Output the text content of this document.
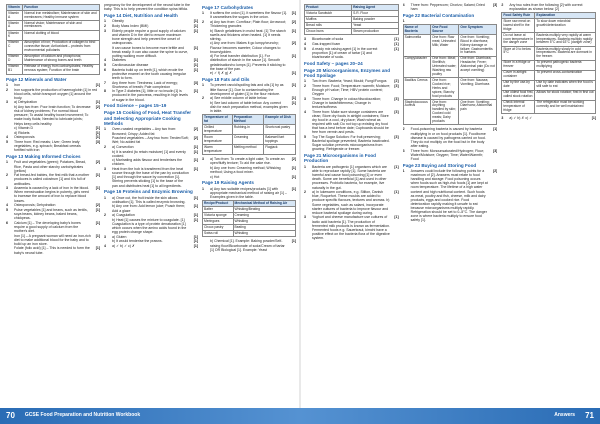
Vitamin	Function
Vitamin A	Normal iron metabolism; Maintenance of skin and membranes; Healthy immune system
Vitamin A	Normal vision; Maintenance of skin and membranes
Vitamin K	Normal clotting of blood
Vitamin C	Absorption of iron; Production of collagen to bind connective tissue; Antioxidant – protects from environmental pollutants
Vitamin D	Absorption of calcium and phosphorus; Maintenance of strong bones and teeth
Vitamin B1	Release of energy from carbohydrates; Healthy nervous system; Function of the brain
Page 12 Minerals and Water
1	Iron	[1]
2	Iron supports the production of haemoglobin [1] in red blood cells, which transport oxygen [1] around the body.
3	a) Dehydration	[1]
b) Any two from: Poor brain function; To decrease risk of kidney problems; For normal blood pressure; To assist healthy bowel movement; To make body fluids; Needed to lubricate joints; Helps keep cells healthy
[2]
c) Vitamin D	[1]
d) Rickets	[1]
4	Osteoporosis	[1]
5	Three from: Red meats; Liver; Green leafy vegetables, e.g. spinach; Breakfast cereals fortified with iron
[3]
Page 13 Making Informed Choices
1	Fruit and vegetables (green); Potatoes, Bread, Rice, Pasta and other starchy carbohydrates (yellow)
[2]
2	Fat breast-fed babies, the first milk that a mother produces is called colostrum [1] and it is full of antibodies.
[1]
3	Anaemia is caused by a lack of iron in the blood. When menstruation begins in puberty, girls need to increase the amount of iron to replace blood losses.
[1]
4	Osteoporosis; Dehydration	[2]
5	Pulse vegetables [1] and beans, such as lentils, soya beans, kidney beans, baked beans, chickpeas.
[1]
6	Calcium [1] – The developing baby's bones require a good supply of calcium from the mother's diet.
[1]
Iron [1] – A pregnant woman will need an iron-rich diet to make additional blood for the baby and to build up an iron store.
[1]
Folate (folic acid) [1] – This is needed to form the baby's neural tube.
[1]
pregnancy for the development of the neural tube in the baby. This is to help prevent the condition spina bifida.
Page 14 Diet, Nutrition and Health
1	Obesity	[1]
2	Body Mass Index (BMI)	[1]
3	Elderly people require a good supply of calcium and vitamin D in the diet to ensure maximum bone strength and help prevent the onset of osteoporosis.
[1]
It can cause bones to become more brittle and break easily. It can also cause the spine to curve, putting walking more difficult.
[1]
4	Diabetes	[1]
5	Cardiovascular disease	[1]
6	Bacteria build up on teeth [1], which erode the protective enamel on the tooth causing irregular teeth to form.
[1]
7	Any three from: Tiredness; Lack of energy; Shortness of breath; Pale complexion
[3]
8	In Type 2 diabetes [1], little or no insulin [1] is produced in the pancreas, resulting in high levels of sugar in the blood.
[1]
Food Science – pages 15–19
Page 15 Cooking of Food, Heat Transfer and Selecting Appropriate Cooking Methods
1	Oven-roasted vegetables – Any two from: Browned; Crispy; Added fat
[2]
Poached vegetables – Any two from: Tender/Soft; Wet; No added fat
[2]
2	a) Convection	[1]
b) It is sealed (to retain moisture) [1] and evenly cooked.
[1]
c) Marinating adds flavour and tenderises the chicken.
[1]
3	Heat from the hob is transferred from the heat source through the base of the pan by conduction [1] and through the sauce by convection [1]. Stirring prevents sticking [1] to the base of the pan and distributes heat [1] to all ingredients.
[1]
Page 16 Proteins and Enzymic Browning
1	a) Once cut, the fruit inside the skin allows oxidisation [1]. This is called enzymic browning.
[1]
b) Any one from: Add lemon juice; Poach them; Add a glaze
[1]
2	a) Coagulation	[1]
b) Heat [1] causes the mixture to coagulate. [1] Coagulation is a type of protein denaturation [1] which occurs when the amino acids found in the egg protein change shape.
[1]
3	a) Gluten	[1]
b) It would tenderise the prawns.	[1]
4	a) ✓ b) ✓ c) ✗	[1]
Page 17 Carbohydrates
1	It softens the onion [1]. It sweetens the flavour [1]. It caramelises the sugars in the onion.
[1]
2	a) Any two from: Cornflour; Plain flour; Arrowroot; Thickening granules
[2]
b) Starch gelatinises in moist heat. [1] The starch swells and thickens when heated. [1] It needs stirring.
[1]
c) Any one from: Makes it go lumpy/crunchy; Flavour becomes sweeter; Colour changes to brown/golden.
[2]
d) For heat transfer distribution [1]. For distribution of starch in the sauce [1]. Smooth gelatinisation/no lumps [1]. Prevents it sticking to the base of the pan.
[1]
e) ✓ f) ✗ g) ✗	[1]
Page 18 Fats and Oils
1	To prevent rancid/spoiling fats and oils [1] by as little flavour [1]. Due to contaminating the development of gluten [1] in the flour mixture.
[1]
2	a) See middle column of table below.	[1]
b) See last column of table below. Any correct dish for each preparation method, examples given in table.
[1]
Temperature of fat	Preparation Method	Example of Dish
Chilled temperature	Rubbing-in	Shortcrust pastry
Room temperature	Creaming	Bakewell tart toppings
Warm temperature	Melting method	Flapjack
3	a) Two from: To create a light cake; To create an open/fluffy texture; To aid the cake rise.
[2]
b) Any one from: Creaming method; Whisking method; Using a food mixer.
[1]
c) Hot	[1]
Page 19 Raising Agents
1	a) Any two suitable recipes/products [1] with appropriate mechanical method of raising air [1] – Examples given in the table.
[1]
Recipe/Product	Mechanical Method of Raising Air
Batter	Whisking/Beating
Victoria sponge	Creaming
Meringues	Whisking
Choux pastry	Beating
Swiss roll	Whisking
b) Chemical [1]. Example: Baking powder/Self-raising flour/Bicarbonate of soda/Cream of tartar [1] OR Biological [1]. Example: Yeast
[1]
Product	Raising Agent
Victoria Sandwich	S.R. Flour
Muffins	Baking powder
Bread rolls	Yeast
Choux buns	Steam production
3	Bicarbonate of soda	[1]
4	Gas-trapped foam	[1]
5	A ready mix raising agent [1] in the correct proportion [1] of cream of tartar [1] and bicarbonate of soda.
[1]
Food Safety – pages 20–24
Page 20 Microorganisms, Enzymes and Food Spoilage
1	Two from: Bacteria; Yeast; Mould; Fungi/Fungus	[2]
2	Three from: Food; Temperature: warmth; Moisture; Enough pH value; Time; HBV protein content; Oxygen
[3]
3	Three from: Change in colour/discolouration; Change in taste/bitterness; Change in texture/softness
[3]
4	Three from: Make sure storage containers are clean; Store dry foods in airtight containers; Store dry food in a cool, dry place; Wash wheat as required with salt; Do not top up existing dry food that has a best before date; Cupboards should be free from vermin and pests.
[3]
5	Top The Sugar Solution: For fruit preserving; Bacterial spoilage prevented; Bacteria inactivated. Sugar solution prevents microorganisms from growing; Refrigerate or freezer.
[3]
Page 21 Microorganisms in Food Production
1	Bacteria are pathogenic [1] organisms which are able to reproduce rapidly [1]. Some bacteria are harmful and cause food poisoning [1] or even death. Some are beneficial [1] and used in other processes. Probiotic bacteria, for example, live naturally in the gut.
[1]
2	a) In lukewarm conditions, e.g. Stilton, Danish blue, Roquefort. These moulds are added to produce specific flavours, textures and aromas. b) Some vegetables, such as salami, incorporate starter cultures of bacteria to improve flavour and reduce bacterial spoilage during curing.
[1]
3	Yoghurt and cheese manufacture use cultures of lactic acid bacteria [1]. The production of fermented milk products is known as fermentation. Fermented foods e.g. Sauerkraut, kimchi have a positive effect on the bacteria flora of the digestive system.
[1]
4	Three from: Peppercorn; Chorizo; Salami; Dried ham
[3]
Page 22 Bacterial Contamination
1
Name of Bacteria	One Food Source	One Symptom
Salmonella	One from: Raw meat; Unheated Milk; Water	One from: Vomiting; Blood in diarrhoea; Kidney damage or failure; Gastroenteritis in humans
Campylobacter	One from: Meat; Shellfish; Untreated water; Washing raw poultry	One from: Diarrhoea; Headache; Fever; Abdominal pain (Do not accept vomiting)
Bacillus Cereus	One from: Cooked rice; Herbs and spices; Starchy food products	One from: Nausea; Vomiting; Diarrhoea
Staphylococcus Aureus	One from: Anything handled by skin; Cooked cold meats; Dairy products	One from: Vomiting; Diarrhoea; Abdominal pain
2	Food-poisoning bacteria is caused by bacteria multiplying in or on food products [1]. Foodborne disease is caused by pathogens carried on food. They do not multiply on the food but in the body after eating.
[1]
3	Three from: Monounsaturated/Hydrogen; Flour; Water/Moisture; Oxygen; Time; Water/Warmth; Food
[3]
Page 23 Buying and Storing Food
1	Answers could include the following points for a maximum of [2]. Answers must relate to food handling and storage: Food poisoning occurs when foods such as high-risk foods [1] are kept at room temperature. The lifetime of a high water content and high nutritional content. Such foods as meat, poultry and fish, cheese, milk and dairy products, eggs and cooked rice. Food deterioration rapidly making it unsafe to eat because microorganisms multiply rapidly. Refrigeration should be set to 0–5°C. The danger zone is where bacteria multiply to ensure food safety [1].
[2]
2	Any two rules from the following [2] with correct explanation as shown below: [2]
Food Safety Rule	Explanation
Store raw meat on lowest shelf in the fridge	To slow down microbial growth/deterioration
Do not leave at room temperature in the danger zone	Bacteria multiply very rapidly at warm temperatures. Bacteria multiply rapidly between 5°C and 63°C (danger zone)
Store at 0 to below 5°C	Bacteria multiply slowly in cold temperatures. Bacteria are dormant in the freezer.
Store in a fridge or freezer	To prevent pathogenic bacteria multiplying
Cover in airtight container	To prevent cross-contamination
Use by the use-by date	Use by date indicates when the food is still safe to eat
Use oldest food first, called stock rotation	Allows for stock rotation; first in first out
Check internal temperature of fridge	The refrigerator must be working correctly and be well maintained
3	a) ✓ b) ✗ c) ✓	[1]
70	GCSE Food Preparation and Nutrition Workbook	Answers	71
